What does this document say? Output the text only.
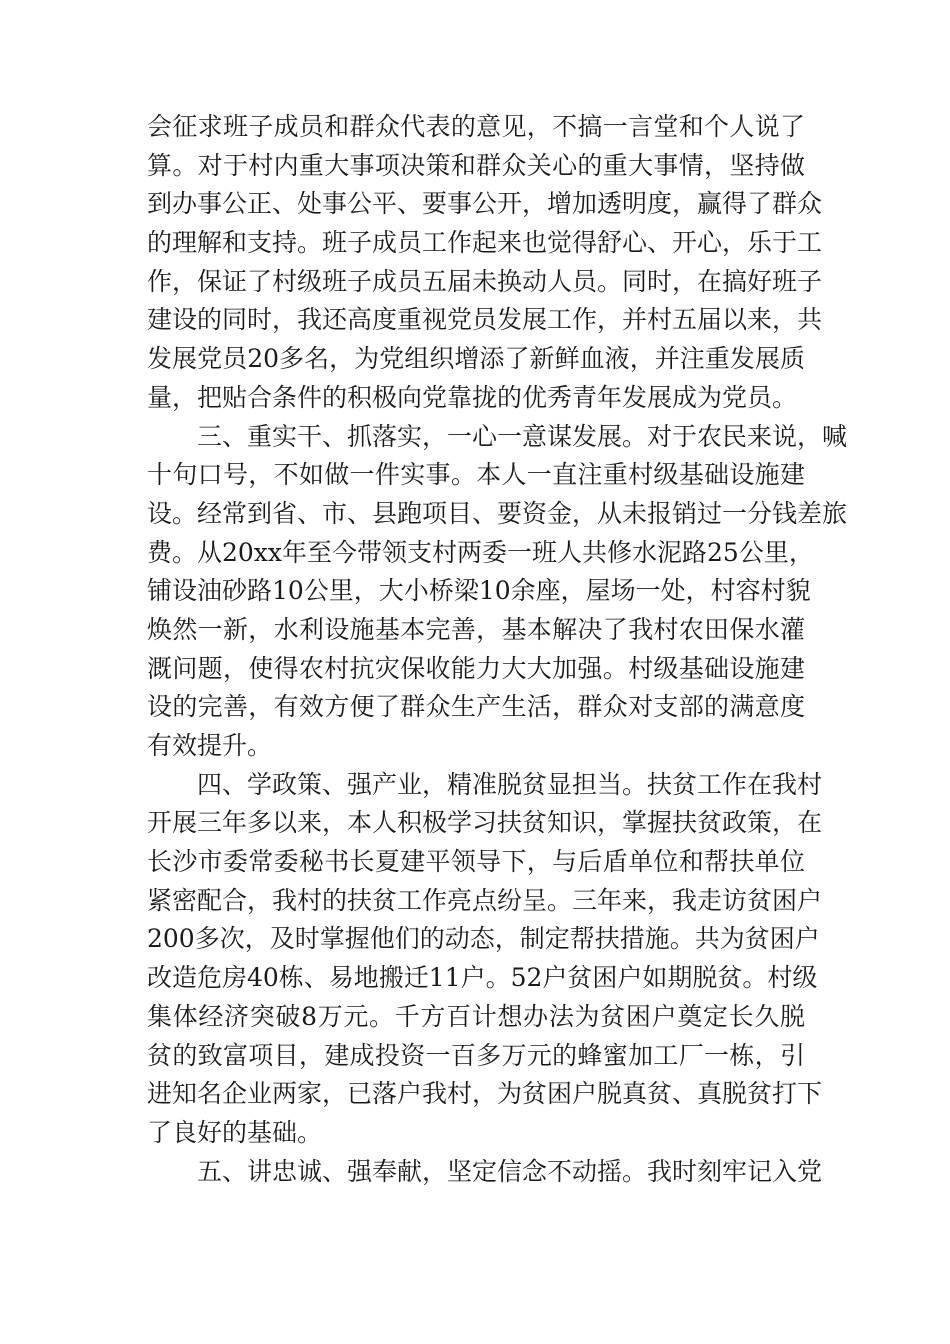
会征求班子成员和群众代表的意见，不搞一言堂和个人说了
算。对于村内重大事项决策和群众关心的重大事情，坚持做
到办事公正、处事公平、要事公开，增加透明度，赢得了群众
的理解和支持。班子成员工作起来也觉得舒心、开心，乐于工
作，保证了村级班子成员五届未换动人员。同时，在搞好班子
建设的同时，我还高度重视党员发展工作，并村五届以来，共
发展党员20多名，为党组织增添了新鲜血液，并注重发展质
量，把贴合条件的积极向党靠拢的优秀青年发展成为党员。
三、重实干、抓落实，一心一意谋发展。对于农民来说，喊
十句口号，不如做一件实事。本人一直注重村级基础设施建
设。经常到省、市、县跑项目、要资金，从未报销过一分钱差旅
费。从20xx年至今带领支村两委一班人共修水泥路25公里，
铺设油砂路10公里，大小桥梁10余座，屋场一处，村容村貌
焕然一新，水利设施基本完善，基本解决了我村农田保水灌
溉问题，使得农村抗灾保收能力大大加强。村级基础设施建
设的完善，有效方便了群众生产生活，群众对支部的满意度
有效提升。
四、学政策、强产业，精准脱贫显担当。扶贫工作在我村
开展三年多以来，本人积极学习扶贫知识，掌握扶贫政策，在
长沙市委常委秘书长夏建平领导下，与后盾单位和帮扶单位
紧密配合，我村的扶贫工作亮点纷呈。三年来，我走访贫困户
200多次，及时掌握他们的动态，制定帮扶措施。共为贫困户
改造危房40栋、易地搬迁11户。52户贫困户如期脱贫。村级
集体经济突破8万元。千方百计想办法为贫困户奠定长久脱
贫的致富项目，建成投资一百多万元的蜂蜜加工厂一栋，引
进知名企业两家，已落户我村，为贫困户脱真贫、真脱贫打下
了良好的基础。
五、讲忠诚、强奉献，坚定信念不动摇。我时刻牢记入党
